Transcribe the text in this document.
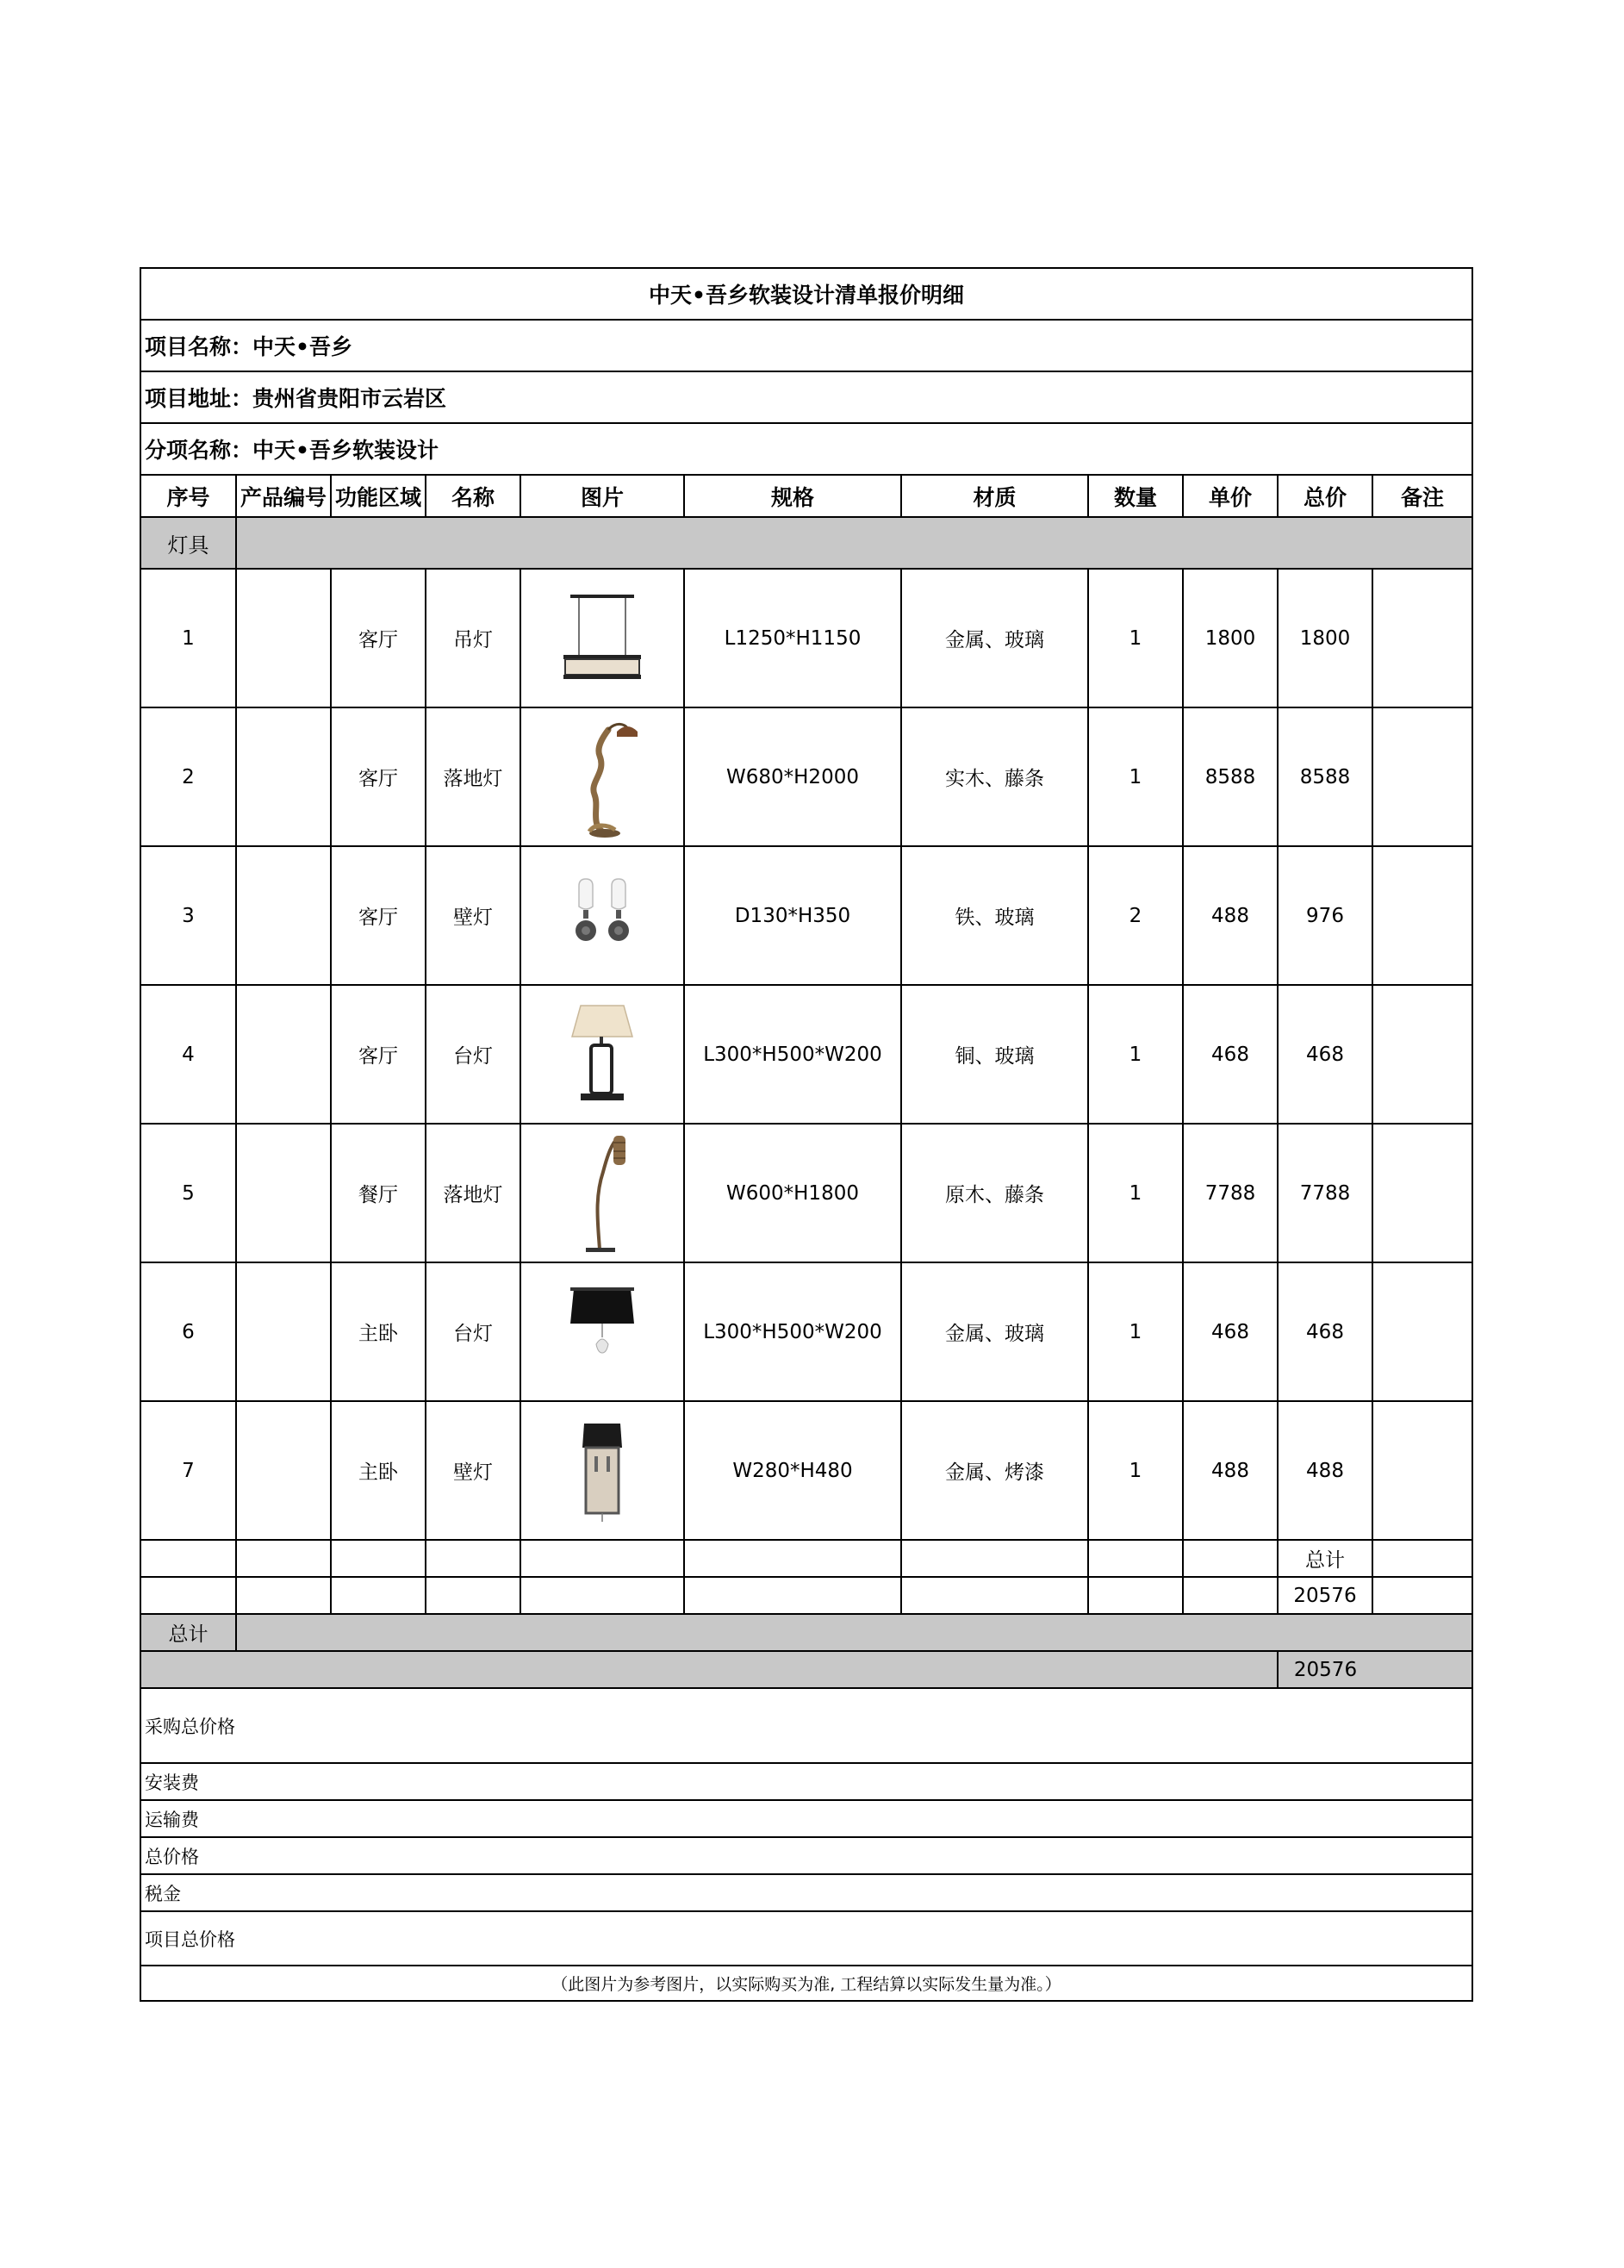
中天•吾乡软装设计清单报价明细										
项目名称：中天•吾乡										
项目地址：贵州省贵阳市云岩区										
分项名称：中天•吾乡软装设计										
序号	产品编号	功能区域	名称	图片	规格	材质	数量	单价	总价	备注
灯具										
1		客厅	吊灯		L1250*H1150	金属、玻璃	1	1800	1800	
2		客厅	落地灯		W680*H2000	实木、藤条	1	8588	8588	
3		客厅	壁灯		D130*H350	铁、玻璃	2	488	976	
4		客厅	台灯		L300*H500*W200	铜、玻璃	1	468	468	
5		餐厅	落地灯		W600*H1800	原木、藤条	1	7788	7788	
6		主卧	台灯		L300*H500*W200	金属、玻璃	1	468	468	
7		主卧	壁灯		W280*H480	金属、烤漆	1	488	488	
									总计	
									20576	
总计										
									20576	
采购总价格										
安装费										
运输费										
总价格										
税金										
项目总价格										
（此图片为参考图片，以实际购买为准, 工程结算以实际发生量为准。）										
